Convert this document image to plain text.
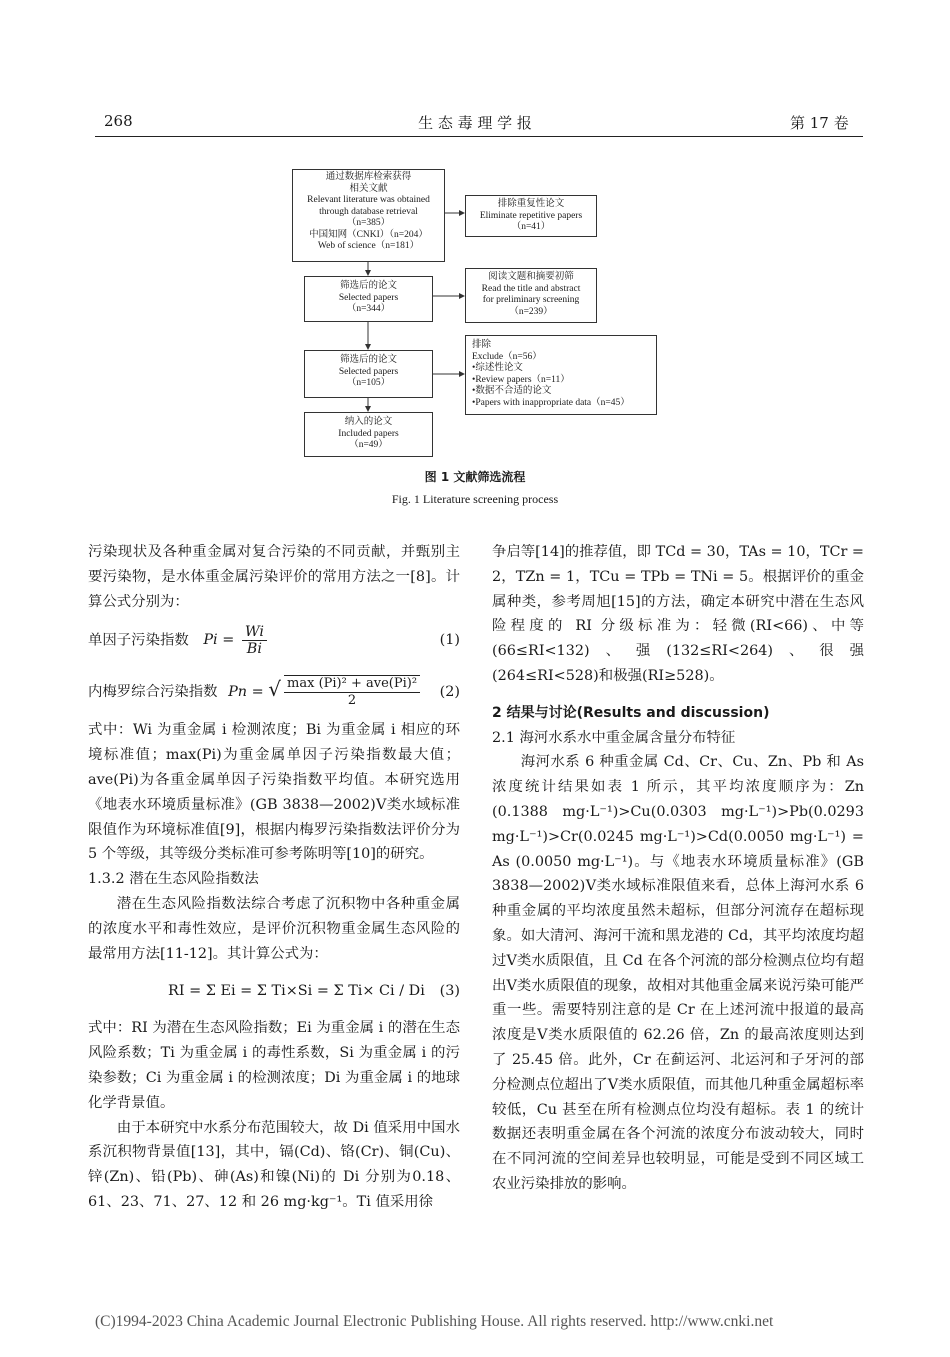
268	生 态 毒 理 学 报	第 17 卷
通过数据库检索获得
相关文献
Relevant literature was obtained
through database retrieval
（n=385）
中国知网（CNKI）（n=204）
Web of science（n=181）
排除重复性论文
Eliminate repetitive papers
（n=41）
筛选后的论文
Selected papers
（n=344）
阅读文题和摘要初筛
Read the title and abstract
for preliminary screening
（n=239）
筛选后的论文
Selected papers
（n=105）
排除
Exclude（n=56）
•综述性论文
•Review papers（n=11）
•数据不合适的论文
•Papers with inappropriate data（n=45）
纳入的论文
Included papers
（n=49）
图 1 文献筛选流程
Fig. 1 Literature screening process

污染现状及各种重金属对复合污染的不同贡献，并甄别主要污染物，是水体重金属污染评价的常用方法之一[8]。计算公式分别为：

单因子污染指数 $Pi = \frac{Wi}{Bi}$	(1)
内梅罗综合污染指数 Pn = √ $\frac{\text{max (Pi)² + ave(Pi)²}}{2} (2)$

式中：Wi 为重金属 i 检测浓度；Bi 为重金属 i 相应的环境标准值；max(Pi)为重金属单因子污染指数最大值；ave(Pi)为各重金属单因子污染指数平均值。本研究选用《地表水环境质量标准》(GB 3838—2002)Ⅴ类水域标准限值作为环境标准值[9]，根据内梅罗污染指数法评价分为 5 个等级，其等级分类标准可参考陈明等[10]的研究。

1.3.2 潜在生态风险指数法

潜在生态风险指数法综合考虑了沉积物中各种重金属的浓度水平和毒性效应，是评价沉积物重金属生态风险的最常用方法[11-12]。其计算公式为：

RI = Σ Ei = Σ Ti×Si = Σ Ti× Ci / Di (3)

式中：RI 为潜在生态风险指数；Ei 为重金属 i 的潜在生态风险系数；Ti 为重金属 i 的毒性系数，Si 为重金属 i 的污染参数；Ci 为重金属 i 的检测浓度；Di 为重金属 i 的地球化学背景值。

由于本研究中水系分布范围较大，故 Di 值采用中国水系沉积物背景值[13]，其中，镉(Cd)、铬(Cr)、铜(Cu)、锌(Zn)、铅(Pb)、砷(As)和镍(Ni)的 Di 分别为0.18、61、23、71、27、12 和 26 mg·kg⁻¹。Ti 值采用徐

争启等[14]的推荐值，即 TCd = 30，TAs = 10，TCr = 2，TZn = 1，TCu = TPb = TNi = 5。根据评价的重金属种类，参考周旭[15]的方法，确定本研究中潜在生态风险程度的 RI 分级标准为：轻微(RI<66)、中等(66≤RI<132)、强(132≤RI<264)、很强(264≤RI<528)和极强(RI≥528)。

2 结果与讨论(Results and discussion)

2.1 海河水系水中重金属含量分布特征

海河水系 6 种重金属 Cd、Cr、Cu、Zn、Pb 和 As 浓度统计结果如表 1 所示，其平均浓度顺序为：Zn (0.1388 mg·L⁻¹)>Cu(0.0303 mg·L⁻¹)>Pb(0.0293 mg·L⁻¹)>Cr(0.0245 mg·L⁻¹)>Cd(0.0050 mg·L⁻¹) = As (0.0050 mg·L⁻¹)。与《地表水环境质量标准》(GB 3838—2002)Ⅴ类水域标准限值来看，总体上海河水系 6 种重金属的平均浓度虽然未超标，但部分河流存在超标现象。如大清河、海河干流和黑龙港的 Cd，其平均浓度均超过Ⅴ类水质限值，且 Cd 在各个河流的部分检测点位均有超出Ⅴ类水质限值的现象，故相对其他重金属来说污染可能严重一些。需要特别注意的是 Cr 在上述河流中报道的最高浓度是Ⅴ类水质限值的 62.26 倍，Zn 的最高浓度则达到了 25.45 倍。此外，Cr 在蓟运河、北运河和子牙河的部分检测点位超出了Ⅴ类水质限值，而其他几种重金属超标率较低，Cu 甚至在所有检测点位均没有超标。表 1 的统计数据还表明重金属在各个河流的浓度分布波动较大，同时在不同河流的空间差异也较明显，可能是受到不同区域工农业污染排放的影响。

(C)1994-2023 China Academic Journal Electronic Publishing House. All rights reserved. http://www.cnki.net
